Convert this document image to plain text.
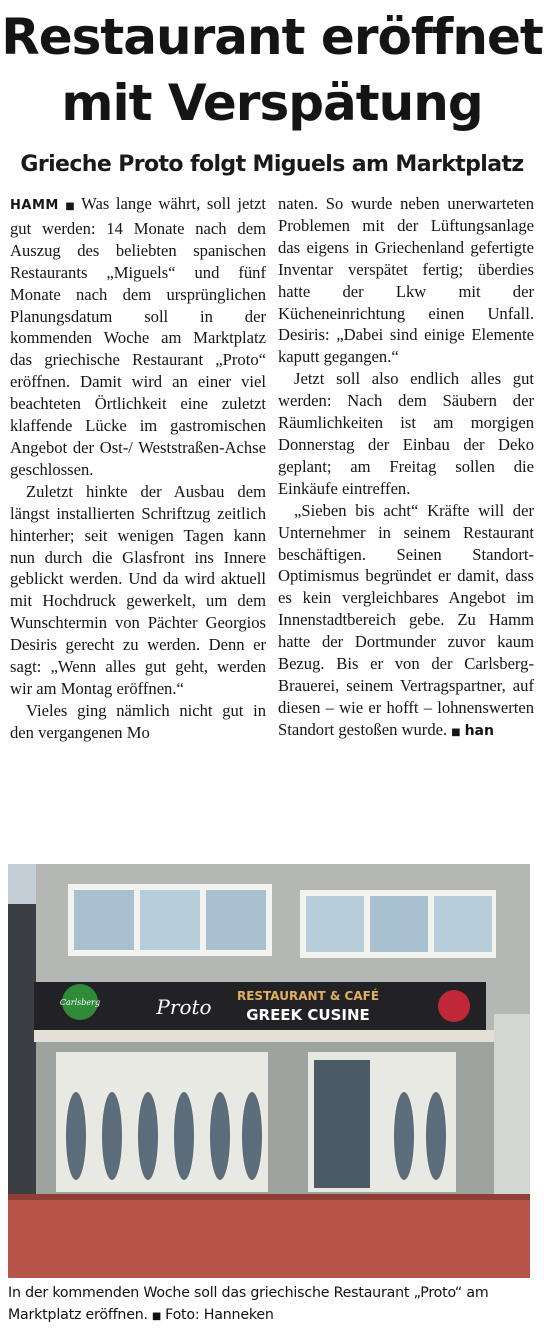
Restaurant eröffnet
mit Verspätung
Grieche Proto folgt Miguels am Marktplatz

HAMM ■ Was lange währt, soll jetzt gut werden: 14 Monate nach dem Auszug des beliebten spanischen Restaurants „Miguels“ und fünf Monate nach dem ursprünglichen Planungsdatum soll in der kommenden Woche am Marktplatz das griechische Restaurant „Proto“ eröffnen. Damit wird an einer viel beachteten Örtlichkeit eine zuletzt klaffende Lücke im gastromischen Angebot der Ost-/ Weststraßen-Achse geschlossen.

Zuletzt hinkte der Ausbau dem längst installierten Schriftzug zeitlich hinterher; seit wenigen Tagen kann nun durch die Glasfront ins Innere geblickt werden. Und da wird aktuell mit Hochdruck gewerkelt, um dem Wunschtermin von Pächter Georgios Desiris gerecht zu werden. Denn er sagt: „Wenn alles gut geht, werden wir am Montag eröffnen.“

Vieles ging nämlich nicht gut in den vergangenen Mo

naten. So wurde neben unerwarteten Problemen mit der Lüftungsanlage das eigens in Griechenland gefertigte Inventar verspätet fertig; überdies hatte der Lkw mit der Kücheneinrichtung einen Unfall. Desiris: „Dabei sind einige Elemente kaputt gegangen.“

Jetzt soll also endlich alles gut werden: Nach dem Säubern der Räumlichkeiten ist am morgigen Donnerstag der Einbau der Deko geplant; am Freitag sollen die Einkäufe eintreffen.

„Sieben bis acht“ Kräfte will der Unternehmer in seinem Restaurant beschäftigen. Seinen Standort-Optimismus begründet er damit, dass es kein vergleichbares Angebot im Innenstadtbereich gebe. Zu Hamm hatte der Dortmunder zuvor kaum Bezug. Bis er von der Carlsberg-Brauerei, seinem Vertragspartner, auf diesen – wie er hofft – lohnenswerten Standort gestoßen wurde. ■ han

Carlsberg	Proto RESTAURANT & CAFÉ
GREEK CUSINE

In der kommenden Woche soll das griechische Restaurant „Proto“ am Marktplatz eröffnen. ■ Foto: Hanneken
